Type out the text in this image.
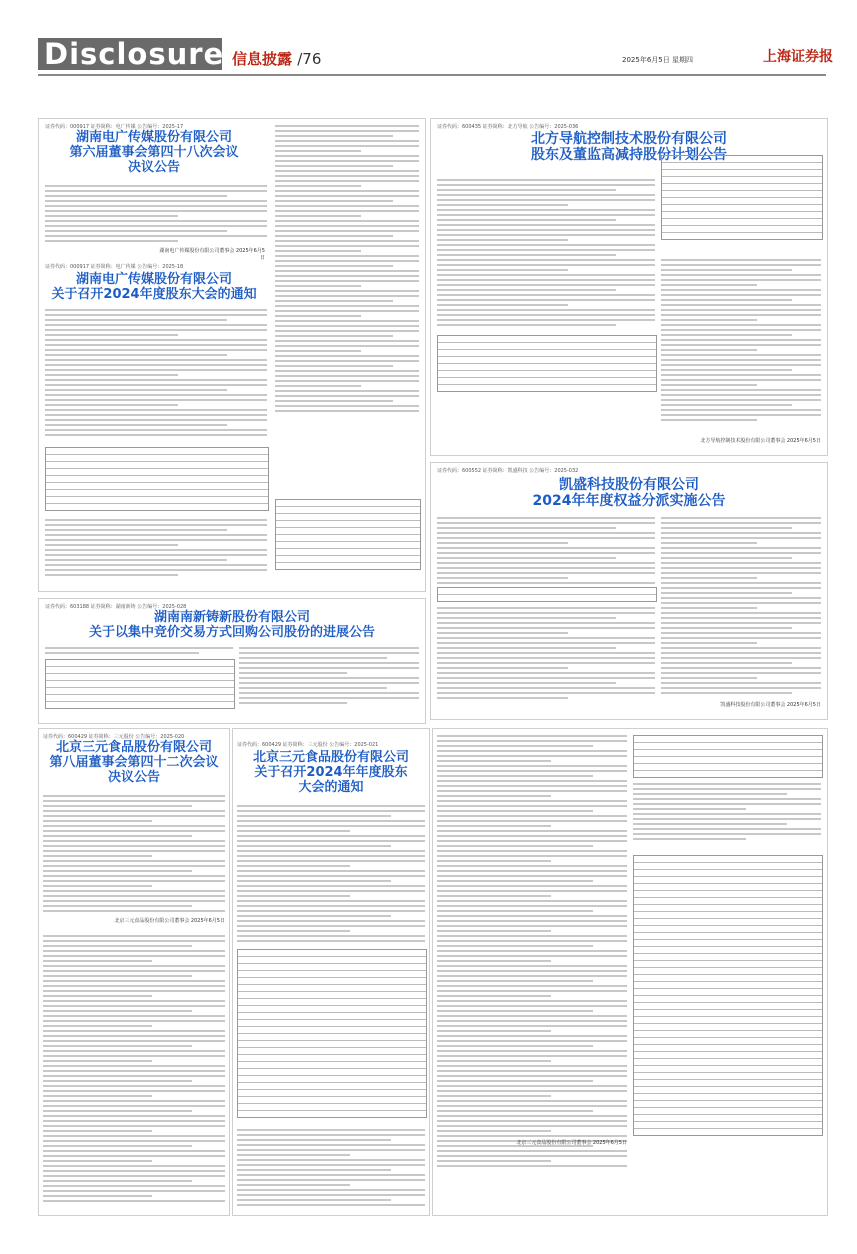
Disclosure 信息披露 /76	2025年6月5日 星期四	上海证券报
证券代码：000917 证券简称：电广传媒 公告编号：2025-17
湖南电广传媒股份有限公司
第六届董事会第四十八次会议
决议公告
湖南电广传媒股份有限公司董事会 2025年6月5日
证券代码：000917 证券简称：电广传媒 公告编号：2025-18
湖南电广传媒股份有限公司
关于召开2024年度股东大会的通知
证券代码：600435 证券简称：北方导航 公告编号：2025-036
北方导航控制技术股份有限公司
股东及董监高减持股份计划公告
北方导航控制技术股份有限公司董事会 2025年6月5日
证券代码：600552 证券简称：凯盛科技 公告编号：2025-032
凯盛科技股份有限公司
2024年年度权益分派实施公告
凯盛科技股份有限公司董事会 2025年6月5日
证券代码：603188 证券简称：湖南新铸 公告编号：2025-028
湖南南新铸新股份有限公司
关于以集中竞价交易方式回购公司股份的进展公告
证券代码：600429 证券简称：三元股份 公告编号：2025-020
北京三元食品股份有限公司
第八届董事会第四十二次会议
决议公告
北京三元食品股份有限公司董事会 2025年6月5日
证券代码：600429 证券简称：三元股份 公告编号：2025-021
北京三元食品股份有限公司
关于召开2024年年度股东
大会的通知
北京三元食品股份有限公司董事会 2025年6月5日
